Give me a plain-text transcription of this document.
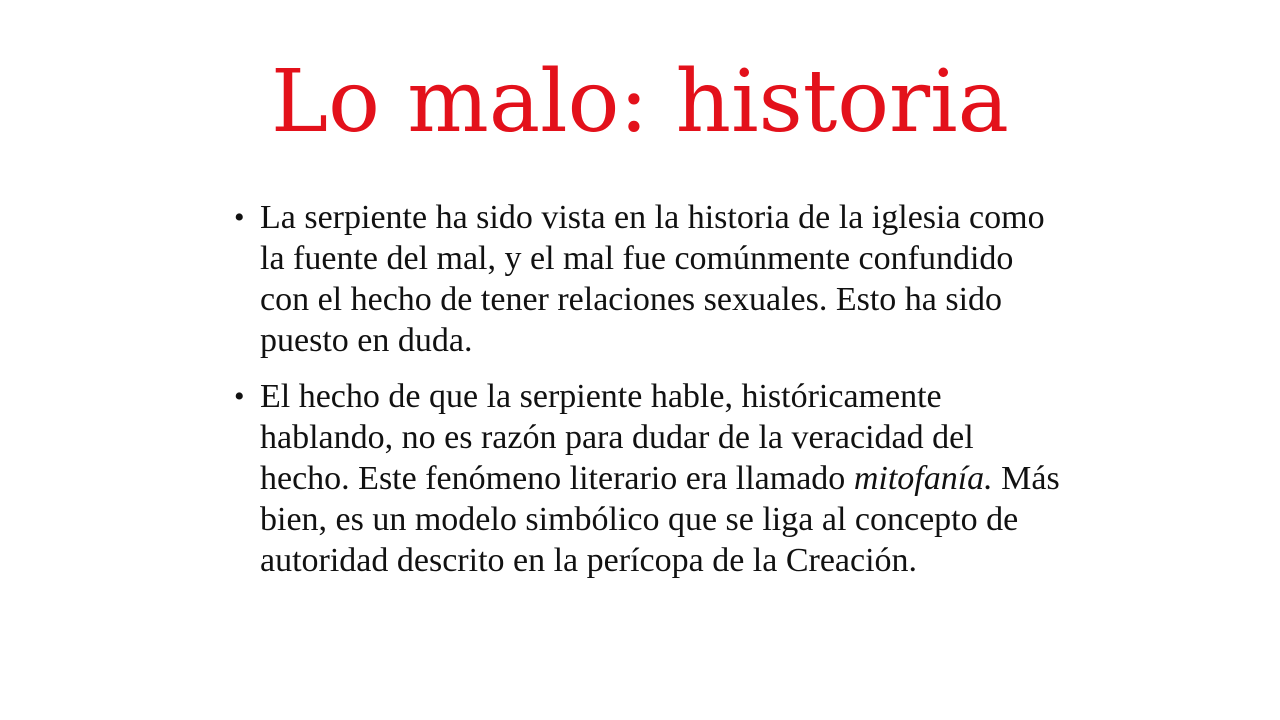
Lo malo: historia
• La serpiente ha sido vista en la historia de la iglesia como la fuente del mal, y el mal fue comúnmente confundido con el hecho de tener relaciones sexuales. Esto ha sido puesto en duda.
• El hecho de que la serpiente hable, históricamente hablando, no es razón para dudar de la veracidad del hecho. Este fenómeno literario era llamado mitofanía. Más bien, es un modelo simbólico que se liga al concepto de autoridad descrito en la perícopa de la Creación.
